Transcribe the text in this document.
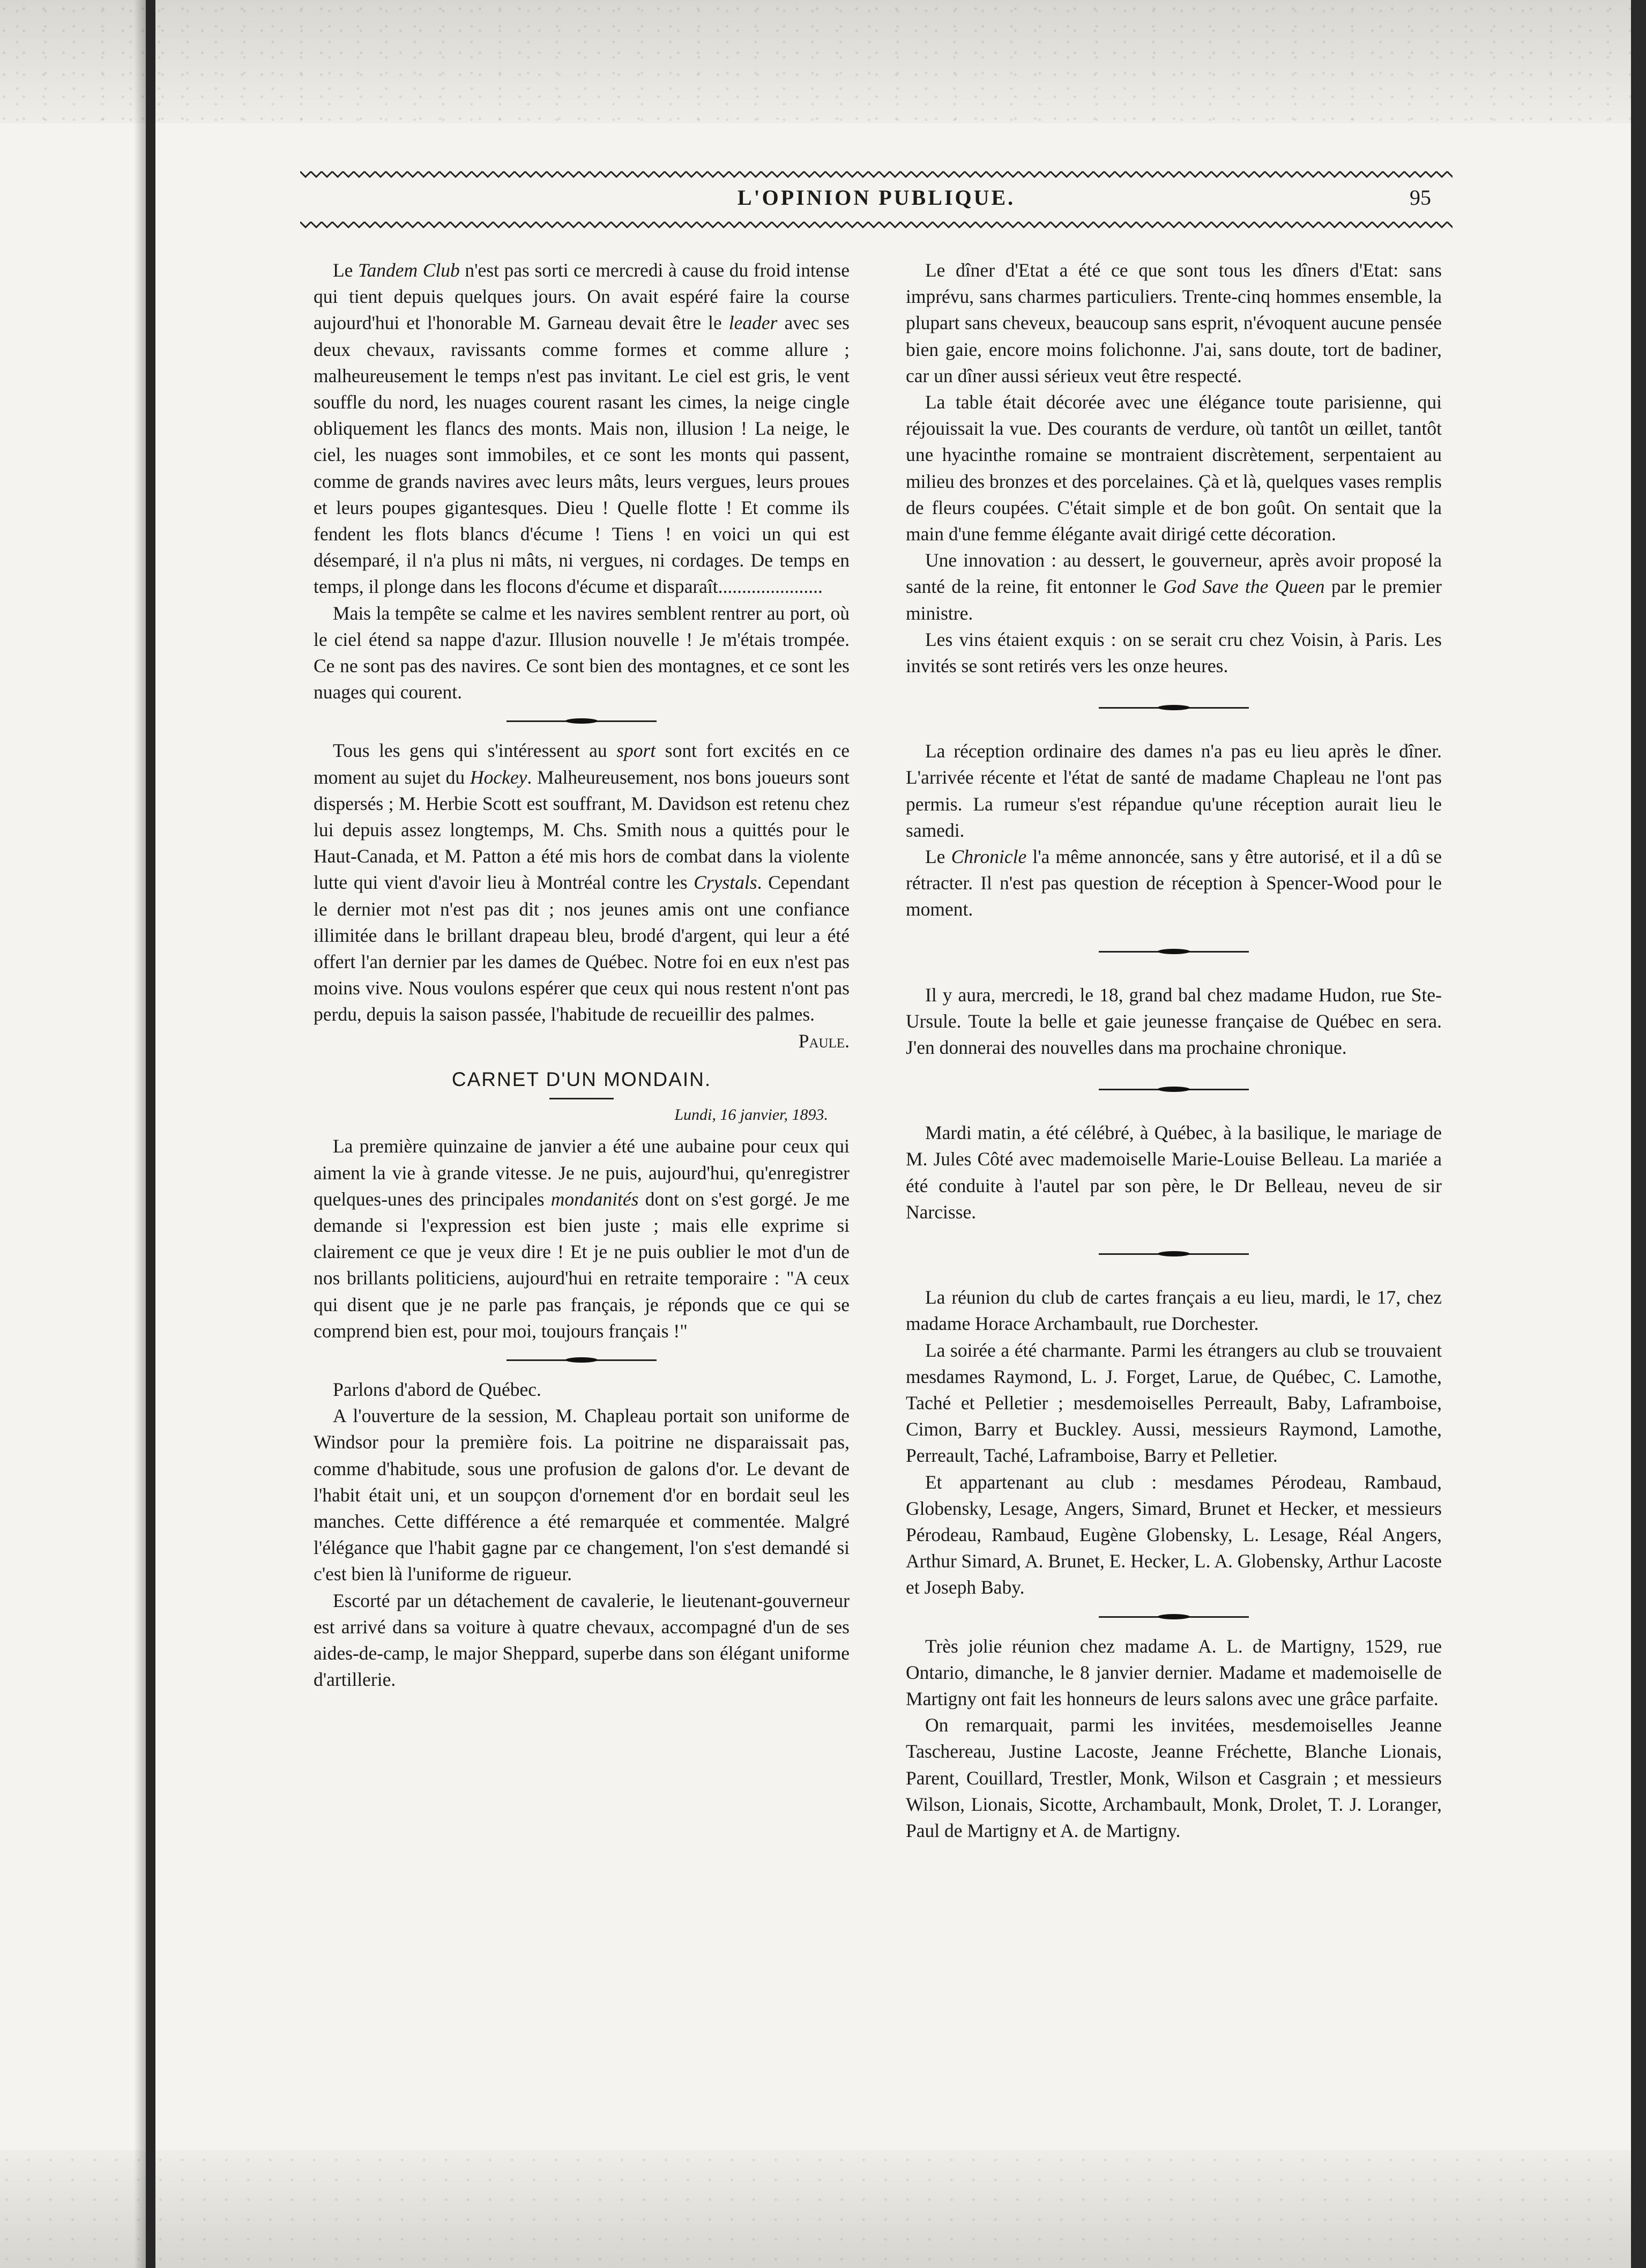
L'OPINION PUBLIQUE.	95

Le Tandem Club n'est pas sorti ce mercredi à cause du froid intense qui tient depuis quelques jours. On avait espéré faire la course aujourd'hui et l'honorable M. Garneau devait être le leader avec ses deux chevaux, ravissants comme formes et comme allure ; malheureusement le temps n'est pas invitant. Le ciel est gris, le vent souffle du nord, les nuages courent rasant les cimes, la neige cingle obliquement les flancs des monts. Mais non, illusion ! La neige, le ciel, les nuages sont immobiles, et ce sont les monts qui passent, comme de grands navires avec leurs mâts, leurs vergues, leurs proues et leurs poupes gigantesques. Dieu ! Quelle flotte ! Et comme ils fendent les flots blancs d'écume ! Tiens ! en voici un qui est désemparé, il n'a plus ni mâts, ni vergues, ni cordages. De temps en temps, il plonge dans les flocons d'écume et disparaît......................

Mais la tempête se calme et les navires semblent rentrer au port, où le ciel étend sa nappe d'azur. Illusion nouvelle ! Je m'étais trompée. Ce ne sont pas des navires. Ce sont bien des montagnes, et ce sont les nuages qui courent.

Tous les gens qui s'intéressent au sport sont fort excités en ce moment au sujet du Hockey. Malheureusement, nos bons joueurs sont dispersés ; M. Herbie Scott est souffrant, M. Davidson est retenu chez lui depuis assez longtemps, M. Chs. Smith nous a quittés pour le Haut-Canada, et M. Patton a été mis hors de combat dans la violente lutte qui vient d'avoir lieu à Montréal contre les Crystals. Cependant le dernier mot n'est pas dit ; nos jeunes amis ont une confiance illimitée dans le brillant drapeau bleu, brodé d'argent, qui leur a été offert l'an dernier par les dames de Québec. Notre foi en eux n'est pas moins vive. Nous voulons espérer que ceux qui nous restent n'ont pas perdu, depuis la saison passée, l'habitude de recueillir des palmes.

Paule.

CARNET D'UN MONDAIN.
Lundi, 16 janvier, 1893.

La première quinzaine de janvier a été une aubaine pour ceux qui aiment la vie à grande vitesse. Je ne puis, aujourd'hui, qu'enregistrer quelques-unes des principales mondanités dont on s'est gorgé. Je me demande si l'expression est bien juste ; mais elle exprime si clairement ce que je veux dire ! Et je ne puis oublier le mot d'un de nos brillants politiciens, aujourd'hui en retraite temporaire : "A ceux qui disent que je ne parle pas français, je réponds que ce qui se comprend bien est, pour moi, toujours français !"

Parlons d'abord de Québec.

A l'ouverture de la session, M. Chapleau portait son uniforme de Windsor pour la première fois. La poitrine ne disparaissait pas, comme d'habitude, sous une profusion de galons d'or. Le devant de l'habit était uni, et un soupçon d'ornement d'or en bordait seul les manches. Cette différence a été remarquée et commentée. Malgré l'élégance que l'habit gagne par ce changement, l'on s'est demandé si c'est bien là l'uniforme de rigueur.

Escorté par un détachement de cavalerie, le lieutenant-gouverneur est arrivé dans sa voiture à quatre chevaux, accompagné d'un de ses aides-de-camp, le major Sheppard, superbe dans son élégant uniforme d'artillerie.

Le dîner d'Etat a été ce que sont tous les dîners d'Etat: sans imprévu, sans charmes particuliers. Trente-cinq hommes ensemble, la plupart sans cheveux, beaucoup sans esprit, n'évoquent aucune pensée bien gaie, encore moins folichonne. J'ai, sans doute, tort de badiner, car un dîner aussi sérieux veut être respecté.

La table était décorée avec une élégance toute parisienne, qui réjouissait la vue. Des courants de verdure, où tantôt un œillet, tantôt une hyacinthe romaine se montraient discrètement, serpentaient au milieu des bronzes et des porcelaines. Çà et là, quelques vases remplis de fleurs coupées. C'était simple et de bon goût. On sentait que la main d'une femme élégante avait dirigé cette décoration.

Une innovation : au dessert, le gouverneur, après avoir proposé la santé de la reine, fit entonner le God Save the Queen par le premier ministre.

Les vins étaient exquis : on se serait cru chez Voisin, à Paris. Les invités se sont retirés vers les onze heures.

La réception ordinaire des dames n'a pas eu lieu après le dîner. L'arrivée récente et l'état de santé de madame Chapleau ne l'ont pas permis. La rumeur s'est répandue qu'une réception aurait lieu le samedi.

Le Chronicle l'a même annoncée, sans y être autorisé, et il a dû se rétracter. Il n'est pas question de réception à Spencer-Wood pour le moment.

Il y aura, mercredi, le 18, grand bal chez madame Hudon, rue Ste-Ursule. Toute la belle et gaie jeunesse française de Québec en sera. J'en donnerai des nouvelles dans ma prochaine chronique.

Mardi matin, a été célébré, à Québec, à la basilique, le mariage de M. Jules Côté avec mademoiselle Marie-Louise Belleau. La mariée a été conduite à l'autel par son père, le Dr Belleau, neveu de sir Narcisse.

La réunion du club de cartes français a eu lieu, mardi, le 17, chez madame Horace Archambault, rue Dorchester.

La soirée a été charmante. Parmi les étrangers au club se trouvaient mesdames Raymond, L. J. Forget, Larue, de Québec, C. Lamothe, Taché et Pelletier ; mesdemoiselles Perreault, Baby, Laframboise, Cimon, Barry et Buckley. Aussi, messieurs Raymond, Lamothe, Perreault, Taché, Laframboise, Barry et Pelletier.

Et appartenant au club : mesdames Pérodeau, Rambaud, Globensky, Lesage, Angers, Simard, Brunet et Hecker, et messieurs Pérodeau, Rambaud, Eugène Globensky, L. Lesage, Réal Angers, Arthur Simard, A. Brunet, E. Hecker, L. A. Globensky, Arthur Lacoste et Joseph Baby.

Très jolie réunion chez madame A. L. de Martigny, 1529, rue Ontario, dimanche, le 8 janvier dernier. Madame et mademoiselle de Martigny ont fait les honneurs de leurs salons avec une grâce parfaite.

On remarquait, parmi les invitées, mesdemoiselles Jeanne Taschereau, Justine Lacoste, Jeanne Fréchette, Blanche Lionais, Parent, Couillard, Trestler, Monk, Wilson et Casgrain ; et messieurs Wilson, Lionais, Sicotte, Archambault, Monk, Drolet, T. J. Loranger, Paul de Martigny et A. de Martigny.
